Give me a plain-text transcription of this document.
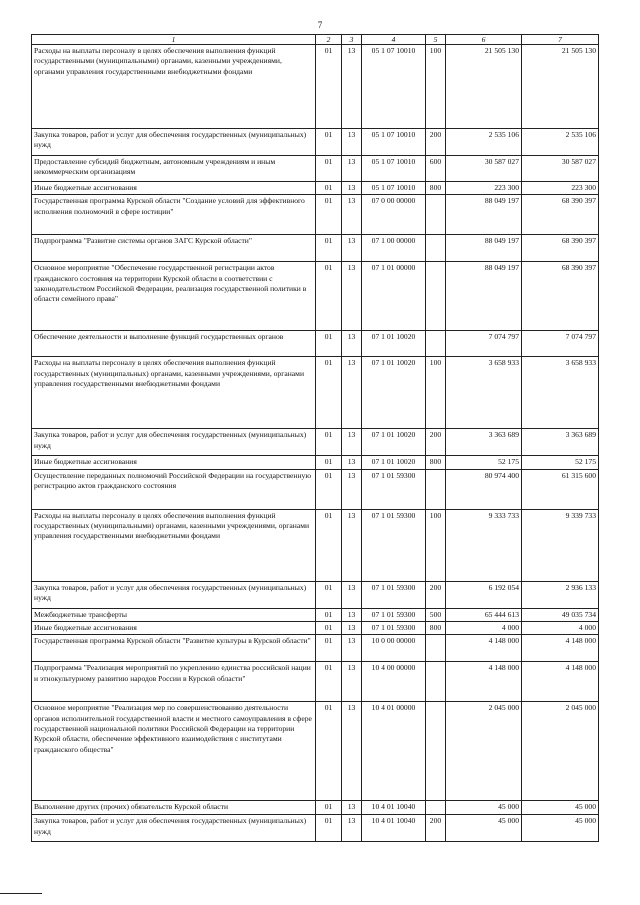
7
1	2	3	4	5	6	7
Расходы на выплаты персоналу в целях обеспечения выполнения функций государственными (муниципальными) органами, казенными учреждениями, органами управления государственными внебюджетными фондами	01	13	05 1 07 10010	100	21 505 130	21 505 130
Закупка товаров, работ и услуг для обеспечения государственных (муниципальных) нужд	01	13	05 1 07 10010	200	2 535 106	2 535 106
Предоставление субсидий бюджетным, автономным учреждениям и иным некоммерческим организациям	01	13	05 1 07 10010	600	30 587 027	30 587 027
Иные бюджетные ассигнования	01	13	05 1 07 10010	800	223 300	223 300
Государственная программа Курской области "Создание условий для эффективного исполнения полномочий в сфере юстиции"	01	13	07 0 00 00000		88 049 197	68 390 397
Подпрограмма "Развитие системы органов ЗАГС Курской области"	01	13	07 1 00 00000		88 049 197	68 390 397
Основное мероприятие "Обеспечение государственной регистрации актов гражданского состояния на территории Курской области в соответствии с законодательством Российской Федерации, реализация государственной политики в области семейного права"	01	13	07 1 01 00000		88 049 197	68 390 397
Обеспечение деятельности и выполнение функций государственных органов	01	13	07 1 01 10020		7 074 797	7 074 797
Расходы на выплаты персоналу в целях обеспечения выполнения функций государственных (муниципальных) органами, казенными учреждениями, органами управления государственными внебюджетными фондами	01	13	07 1 01 10020	100	3 658 933	3 658 933
Закупка товаров, работ и услуг для обеспечения государственных (муниципальных) нужд	01	13	07 1 01 10020	200	3 363 689	3 363 689
Иные бюджетные ассигнования	01	13	07 1 01 10020	800	52 175	52 175
Осуществление переданных полномочий Российской Федерации на государственную регистрацию актов гражданского состояния	01	13	07 1 01 59300		80 974 400	61 315 600
Расходы на выплаты персоналу в целях обеспечения выполнения функций государственных (муниципальными) органами, казенными учреждениями, органами управления государственными внебюджетными фондами	01	13	07 1 01 59300	100	9 333 733	9 339 733
Закупка товаров, работ и услуг для обеспечения государственных (муниципальных) нужд	01	13	07 1 01 59300	200	6 192 054	2 936 133
Межбюджетные трансферты	01	13	07 1 01 59300	500	65 444 613	49 035 734
Иные бюджетные ассигнования	01	13	07 1 01 59300	800	4 000	4 000
Государственная программа Курской области "Развитие культуры в Курской области"	01	13	10 0 00 00000		4 148 000	4 148 000
Подпрограмма "Реализация мероприятий по укреплению единства российской нации и этнокультурному развитию народов России в Курской области"	01	13	10 4 00 00000		4 148 000	4 148 000
Основное мероприятие "Реализация мер по совершенствованию деятельности органов исполнительной государственной власти и местного самоуправления в сфере государственной национальной политики Российской Федерации на территории Курской области, обеспечение эффективного взаимодействия с институтами гражданского общества"	01	13	10 4 01 00000		2 045 000	2 045 000
Выполнение других (прочих) обязательств Курской области	01	13	10 4 01 10040		45 000	45 000
Закупка товаров, работ и услуг для обеспечения государственных (муниципальных) нужд	01	13	10 4 01 10040	200	45 000	45 000
